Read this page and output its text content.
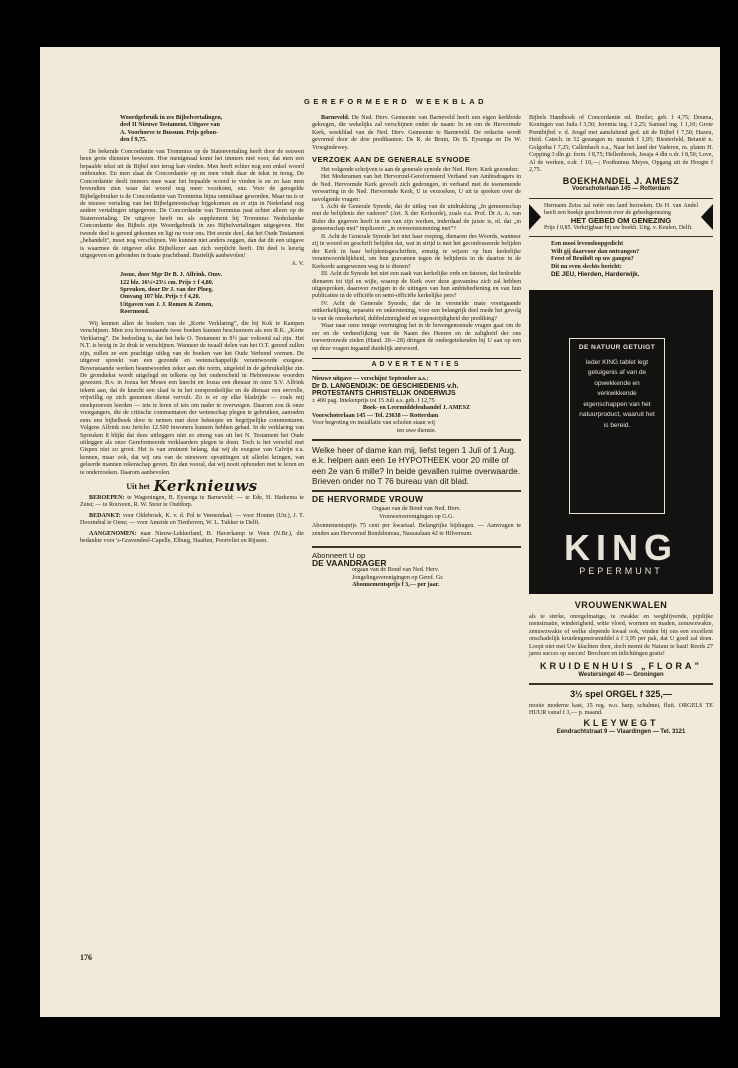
GEREFORMEERD WEEKBLAD

Woordgebruik in zes Bijbelvertalingen,

deel II Nieuwe Testament. Uitgave van

A. Voorhoeve te Bussum. Prijs gebon-

den f 9,75.

De bekende Concordantie van Trommius op de Statenvertaling heeft door de eeuwen heen grote diensten bewezen. Hoe menigmaal komt het immers niet voor, dat men een bepaalde tekst uit de Bijbel niet terug kan vinden. Men heeft echter nog een enkel woord onthouden. En men slaat de Concordantie op en men vindt daar de tekst in terug. De Concordantie deelt immers mee waar het bepaalde woord te vinden is en zo kan men bovendien zien waar dat woord nog meer voorkomt, enz. Voor de geregelde Bijbelgebruiker is de Concordantie van Trommius bijna onmisbaar geworden. Maar nu is er de nieuwe vertaling van het Bijbelgenootschap bijgekomen en er zijn in Nederland nog andere vertalingen uitgegeven. De Concordantie van Trommius past echter alleen op de Statenvertaling. De uitgever heeft nu als supplement bij Trommius Nederlandse Concordantie des Bijbels zijn Woordgebruik in zes Bijbelvertalingen uitgegeven. Het tweede deel is gereed gekomen en ligt nu voor ons. Het eerste deel, dat het Oude Testament „behandelt”, moet nog verschijnen. We kunnen niet anders zeggen, dan dat dit een uitgave is waarmee de uitgever elke Bijbellezer aan zich verplicht heeft. Dit deel is keurig uitgegeven en gebonden in fraaie prachtband. Hartelijk aanbevolen!

A. V.

Josue, door Mgr Dr B. J. Alfrink. Omv.

122 blz. 16½×23½ cm. Prijs ± f 4,80.

Spreuken, door Dr J. van der Ploeg.

Omvang 107 blz. Prijs ± f 4,20.

Uitgaven van J. J. Romen & Zonen,

Roermond.

Wij kennen allen de boeken van de „Korte Verklaring”, die bij Kok te Kampen verschijnen. Men zou bovenstaande twee boeken kunnen beschouwen als een R.K. „Korte Verklaring”. De bedoeling is, dat het hele O. Testament in 8½ jaar voltooid zal zijn. Het N.T. is bezig in 2e druk te verschijnen. Wanneer de twaalf delen van het O.T. gereed zullen zijn, zullen ze een prachtige uitleg van de boeken van het Oude Verbond vormen. De uitgever spreekt van een gezonde en wetenschappelijk verantwoorde exegese. Bovenstaande werken beantwoorden zeker aan die norm, uitgeleid in de gebruikelijke zin. De grondtekst wordt uitgelegd en telkens op het onderscheid in Hebreeuwse woorden gewezen. B.v. in Jozua bet Moses een knecht en Jozua een dienaar in onze S.V. Alfrink tekent aan, dat de knecht een slaaf is in het oorspronkelijke en de dienaar een eervolle, vrijwillig op zich genomen dienst vervult. Zo is er op elke bladzijde — zoals mij steekproeven leerden — iets te leren of iets om nader te overwegen. Daarom zou ik onze voorgangers, die de critische commentaren der wetenschap plegen te gebruiken, aanraden eens een bijbelboek door te nemen met deze beknopte en begrijpelijke commentaren. Volgens Alfrink zou Jericho 12.500 inwoners kunnen hebben gehad. In de verklaring van Spreuken 8 blijkt dat deze uitleggers niet zo streng van uit het N. Testament het Oude uitleggen als onze Gereformeerde verklaarders plegen te doen. Toch is het verschil met Gispen niet zo groot. Het is van eminent belang, dat wij de exegese van Calvijn e.a. kennen, maar ook, dat wij ons van de nieuwere opvattingen uit allerlei kringen, van geleerde mannen rekenschap geven. En dan vooral, dat wij nooit ophouden met te lezen en te onderzoeken. Daarom aanbevolen.

Uit het Kerknieuws

BEROEPEN: te Wageningen, B. Eysenga te Barneveld; — te Ede, H. Harkema te Zeist; — te Rouveen, R. W. Steur te Ouddorp.

BEDANKT: voor Oldebroek, K. v. d. Pol te Veenendaal; — voor Houten (Utr.), J. T. Doornebal te Oene; — voor Ameide en Tienhoven, W. L. Tukker te Delft.

AANGENOMEN: naar Nieuw-Lekkerland, B. Haverkamp te Veen (N.Br.), die bedankte voor 's-Gravendeel-Capelle, Elburg, Haaften, Poortvliet en Rijssen.

Barneveld. De Ned. Herv. Gemeente van Barneveld heeft een eigen kerkbode gekregen, die wekelijks zal verschijnen onder de naam: In en om de Hervormde Kerk, weekblad van de Ned. Herv. Gemeente te Barneveld. De redactie wordt gevormd door de drie predikanten: Ds R. de Bruin, Ds B. Eysenga en Ds W. Vroegindewey.

VERZOEK AAN DE GENERALE SYNODE

Het volgende schrijven is aan de generale synode der Ned. Herv. Kerk gezonden:

Het Moderamen van het Hervormd-Gereformeerd Verband van Ambtsdragers in de Ned. Hervormde Kerk gevoelt zich gedrongen, in verband met de toenemende verwarring in de Ned. Hervormde Kerk, U te verzoeken, U uit te spreken over de navolgende vragen:

I. Acht de Generale Synode, dat de uitleg van de uitdrukking „In gemeenschap met de belijdenis der vaderen” (Art. X der Kerkorde), zoals o.a. Prof. Dr A. A. van Ruler die gegeven heeft in een van zijn werken, inderdaad de juiste is, nl. dat „in gemeenschap met” impliceert: „in overeenstemming met”?

II. Acht de Generale Synode het niet haar roeping, dienaren des Woords, wanneer zij in woord en geschrift belijden dat, wat in strijd is met het geconfesseerde belijden der Kerk in haar belijdenisgeschriften, ernstig te wijzen op hun kerkelijke verantwoordelijkheid, om hun gravamen tegen de belijdenis in de daartoe in de Kerkorde aangewezen weg in te dienen?

III. Acht de Synode het niet een zaak van kerkelijke orde en fatsoen, dat bedoelde dienaren tot tijd en wijle, waarop de Kerk over deze gravamina zich zal hebben uitgesproken, daarover zwijgen in de uitingen van hun ambtsbediening en van hun publicaties in de officiële en semi-officiële kerkelijke pers?

IV. Acht de Generale Synode, dat de in versnelde mate voortgaande ontkerkelijking, separatie en onkerstening, voor een belangrijk deel mede het gevolg is van de onzekerheid, dubbelzinnigheid en tegenstrijdigheid der prediking?

Waar naar onze innige overtuiging het in de bovengenoemde vragen gaat om de eer en de verheerlijking van de Naam des Heeren en de zaligheid der ons toevertrouwde zielen (Hand. 20—28) dringen de ondergetekenden bij U aan op een op deze vragen ingaand duidelijk antwoord.

ADVERTENTIES

Nieuwe uitgave — verschijnt September a.s.:

Dr D. LANGENDIJK: DE GESCHIEDENIS v.h.

PROTESTANTS CHRISTELIJK ONDERWIJS

± 400 pag. Intekenprijs tot 15 Juli a.s. geb. f 12,75

Boek- en Leermiddelenhandel J. AMESZ

Voorschoterlaan 145 — Tel. 23638 — Rotterdam

Voor begroting en installatie van scholen staan wij

ten uwe dienste.

Welke heer of dame kan mij, liefst tegen 1 Juli of 1 Aug. e.k. helpen aan een 1e HYPOTHEEK voor 20 mille of een 2e van 6 mille? In beide gevallen ruime overwaarde. Brieven onder no T 76 bureau van dit blad.

DE HERVORMDE VROUW

Orgaan van de Bond van Ned. Herv.

Vrouwenverenigingen op G.G.

Abonnementsprijs 75 cent per kwartaal. Belangrijke bijdragen. — Aanvragen te zenden aan Hervormd Bondsbureau, Nassaulaan 42 te Hilversum.

Abonneert U op

DE VAANDRAGER

orgaan van de Bond van Ned. Herv.

Jongelingsverenigingen op Geref. Gr.

Abonnementsprijs f 3,— per jaar.

Bijbels Handboek of Concordantie ed. Breiler, geb. f 4,75; Douma, Koningen van Juda f 3,50; Jeremia ing. f 2,25; Samuel ing. f 1,10; Grote Prentbijbel v. d. Jeugd met aansluitend ged. uit de Bijbel f 7,50; Hazeu, Heid. Catech. in 52 gezangen m. muziek f 1,95; Biesterfeld, Betanië n. Golgotha f 7,25; Callenbach e.a., Naar het land der Vaderen, m. platen H. Copping 3 dln gr. form. f 8,75; Hellenbroek, Jesaja 4 dln o.dr. f 8,50; Love, Al de werken, o.dr. f 10,—; Posthumus Meyes, Opgang uit de Hoogte f 2,75.

BOEKHANDEL J. AMESZ

Voorschoterlaan 145 — Rotterdam

Hermann Zeiss zal wéér ons land bezoeken. Ds H. van Andel heeft een boekje geschreven over de gebedsgenezing

HET GEBED OM GENEZING

Prijs f 0,85. Verkrijgbaar bij uw boekh. Uitg. v. Keulen, Delft.

Een mooi levensloopgedicht

Wilt gij daarvoor dan ontvangen?

Feest of Bruiloft op uw gangen?

Dit nu even slechts bericht:

DE JEU, Hierden, Harderwijk.

DE NATUUR GETUIGT
leder KING tablet legt getuigenis af van de opwekkende en verkwikkende eigenschappen van het natuurproduct, waaruit het is bereid.
KING
PEPERMUNT
VROUWENKWALEN

als te sterke, onregelmatige, te zwakke en wegblijvende, pijnlijke menstruatie, winderigheid, witte vloed, wormen en maden, zenuwzwakte, zenuwzwakte of welke slepende kwaal ook, vinden bij ons een excellent onschadelijk kruidengeneesmiddel à f 3,95 per pak, dat U goed zal doen. Loopt niet met Uw klachten door, doch neemt de Natuur te baat! Reeds 27 jaren succes op succes! Brochure en inlichtingen gratis!

KRUIDENHUIS „FLORA”

Westersingel 40 — Groningen

3½ spel ORGEL f 325,—

mooie moderne kast, 15 reg. w.o. harp, schalmei, fluit. ORGELS TE HUUR vanaf f 3,— p. maand.

KLEYWEGT

Eendrachtstraat 9 — Vlaardingen — Tel. 3121

176
